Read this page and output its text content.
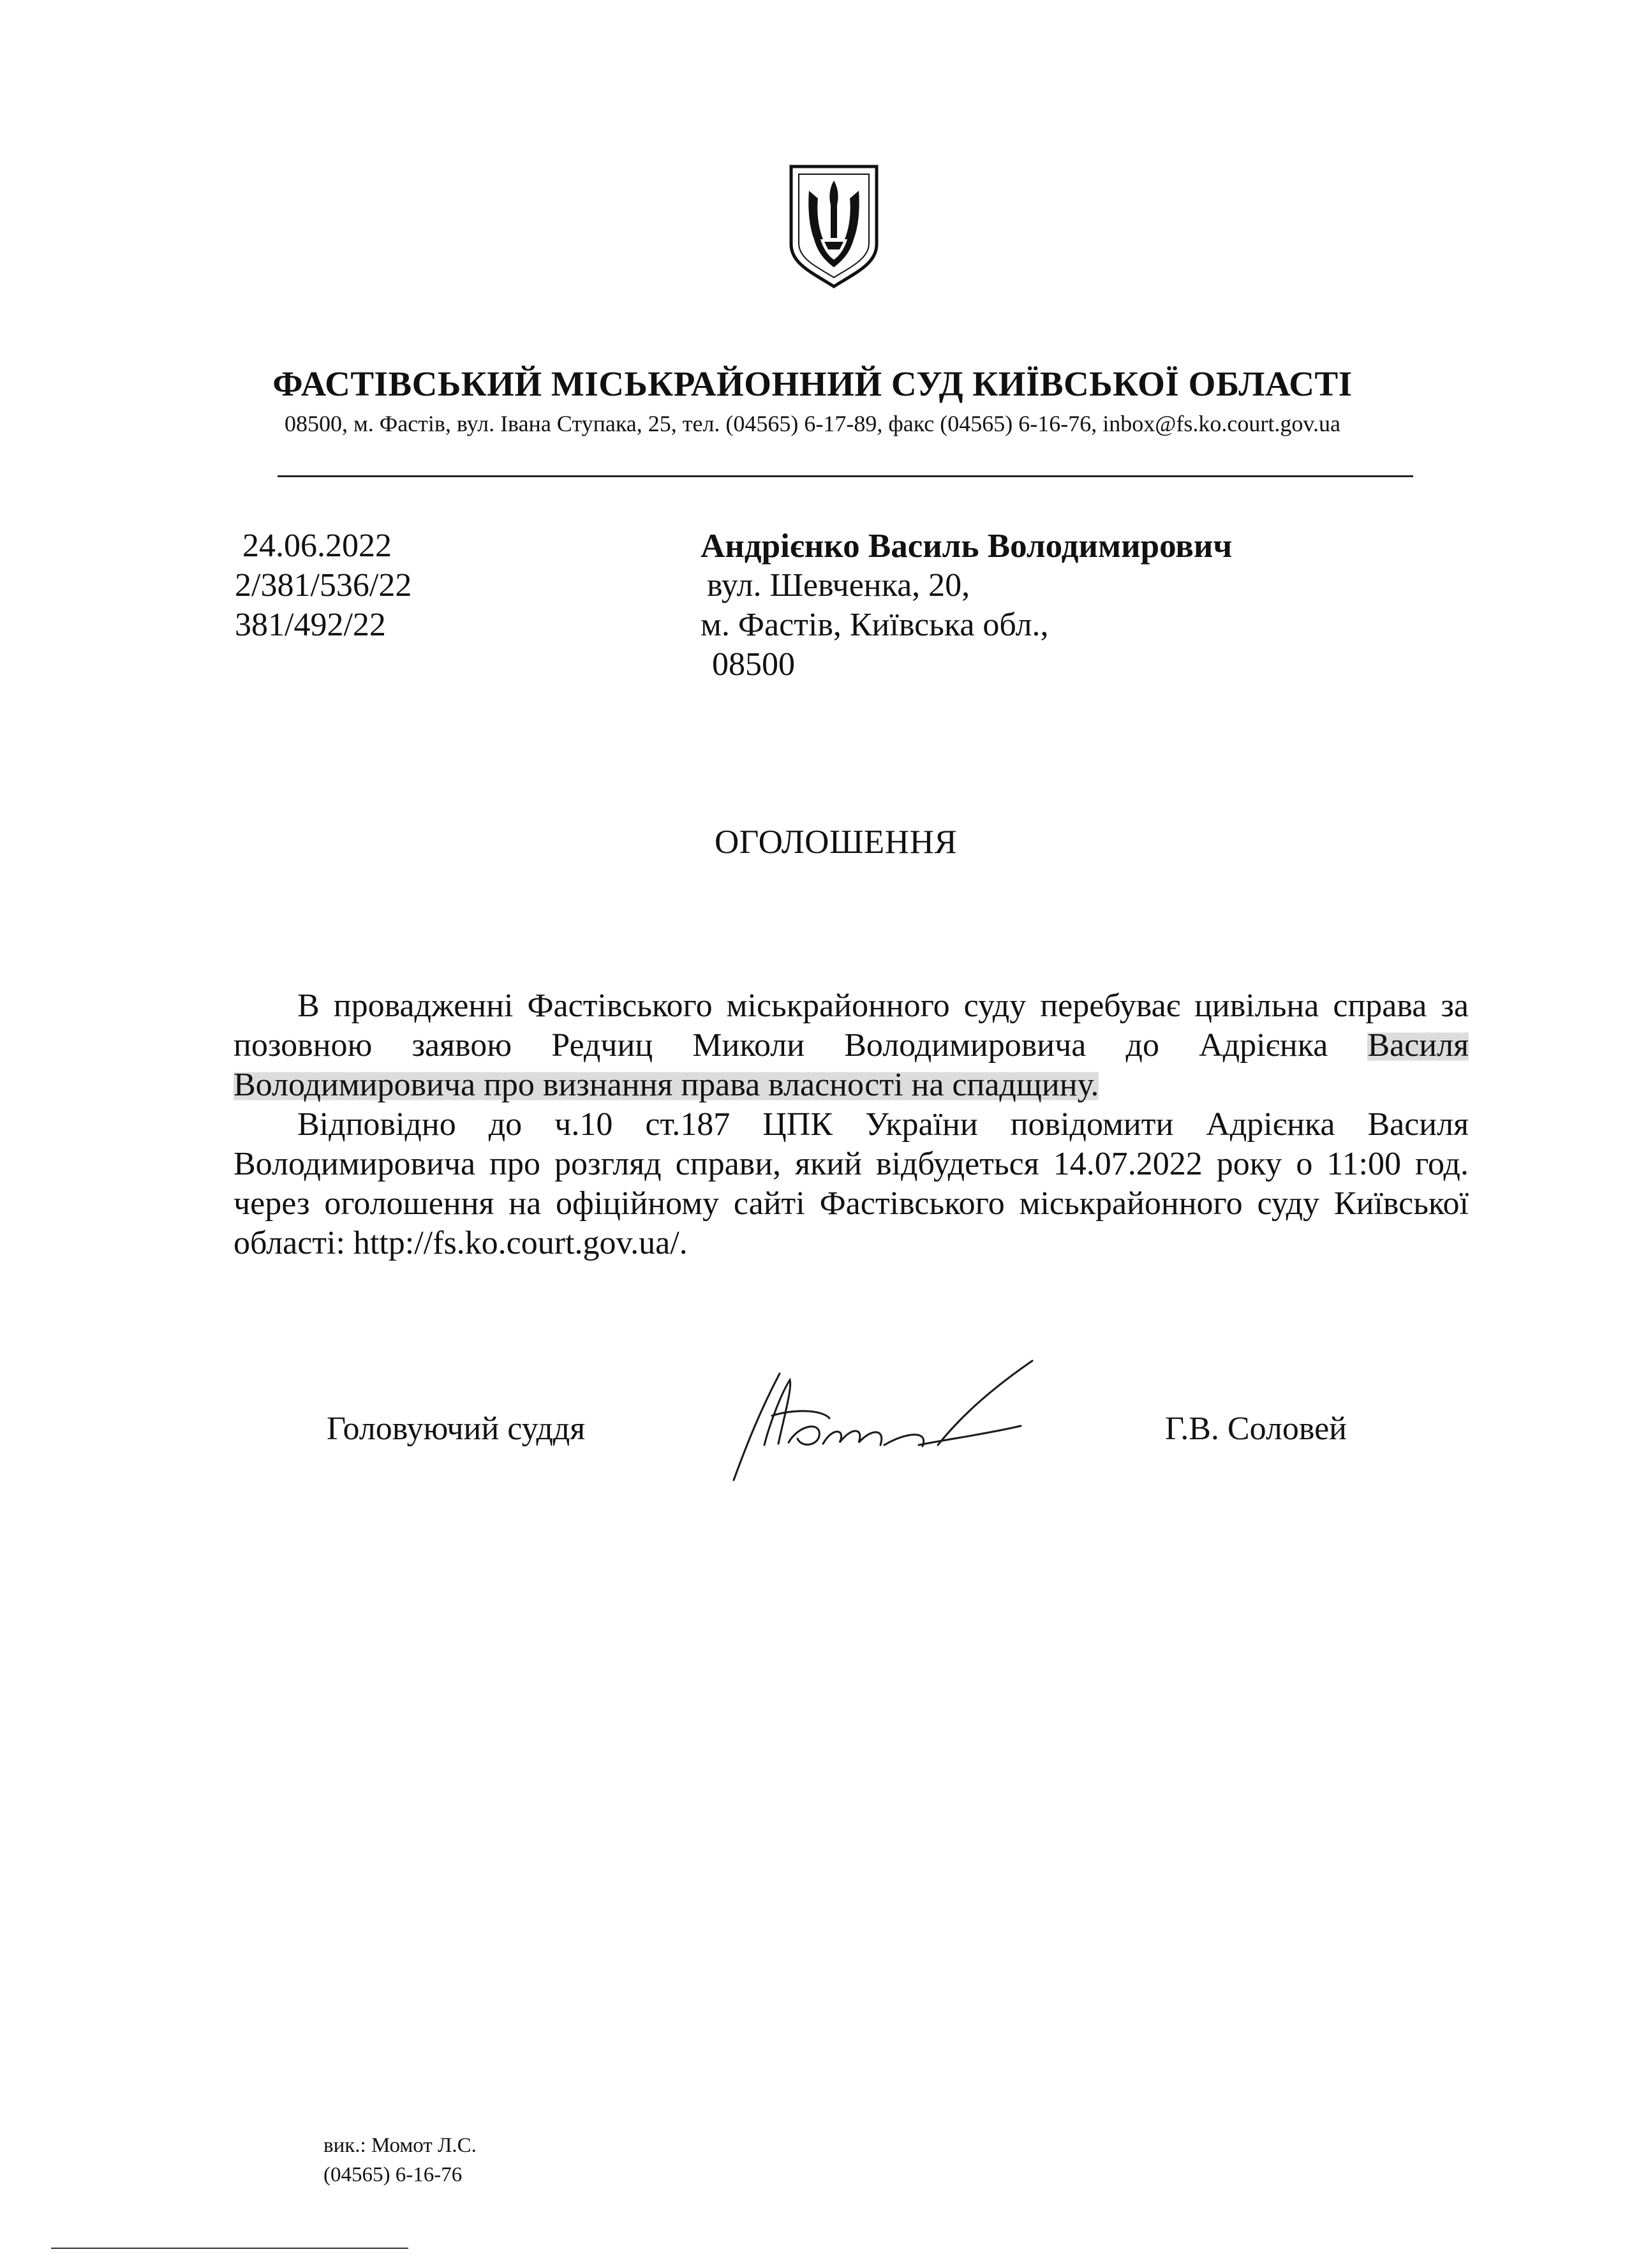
ФАСТІВСЬКИЙ МІСЬКРАЙОННИЙ СУД КИЇВСЬКОЇ ОБЛАСТІ
08500, м. Фастів, вул. Івана Ступака, 25, тел. (04565) 6-17-89, факс (04565) 6-16-76, inbox@fs.ko.court.gov.ua
24.06.2022
2/381/536/22
381/492/22
Андрієнко Василь Володимирович
вул. Шевченка, 20,
м. Фастів, Київська обл.,
08500
ОГОЛОШЕННЯ

В провадженні Фастівського міськрайонного суду перебуває цивільна справа за позовною заявою Редчиц Миколи Володимировича до Адрієнка Василя Володимировича про визнання права власності на спадщину.

Відповідно до ч.10 ст.187 ЦПК України повідомити Адрієнка Василя Володимировича про розгляд справи, який відбудеться 14.07.2022 року о 11:00 год. через оголошення на офіційному сайті Фастівського міськрайонного суду Київської області: http://fs.ko.court.gov.ua/.

Головуючий суддя	Г.В. Соловей
вик.: Момот Л.С.
(04565) 6-16-76
